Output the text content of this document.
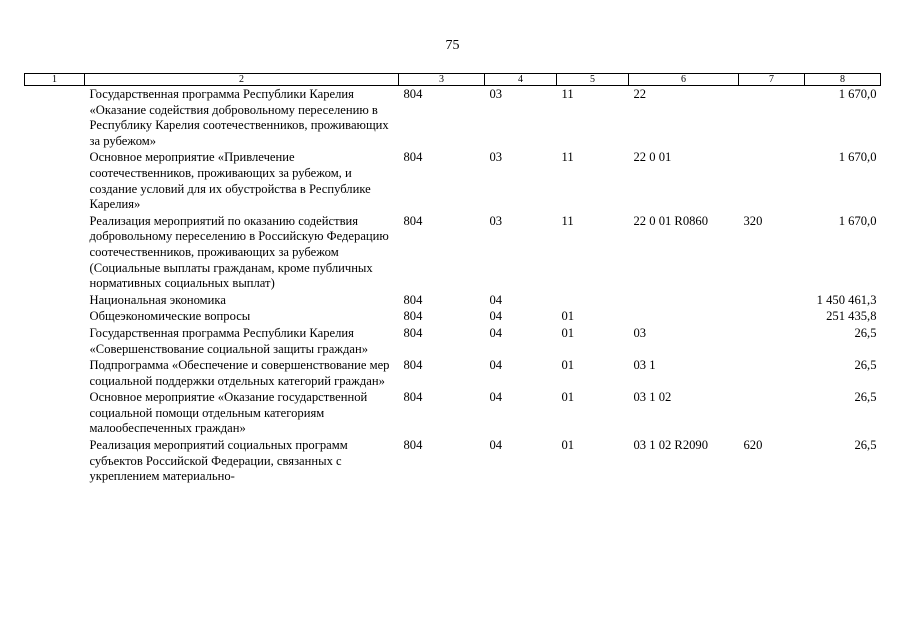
75
1	2	3	4	5	6	7	8
	Государственная программа Республики Карелия «Оказание содействия добровольному переселению в Республику Карелия соотечественников, проживающих за рубежом»	804	03	11	22		1 670,0
	Основное мероприятие «Привлечение соотечественников, проживающих за рубежом, и создание условий для их обустройства в Республике Карелия»	804	03	11	22 0 01		1 670,0
	Реализация мероприятий по оказанию содействия добровольному переселению в Российскую Федерацию соотечественников, проживающих за рубежом (Социальные выплаты гражданам, кроме публичных нормативных социальных выплат)	804	03	11	22 0 01 R0860	320	1 670,0
	Национальная экономика	804	04				1 450 461,3
	Общеэкономические вопросы	804	04	01			251 435,8
	Государственная программа Республики Карелия «Совершенствование социальной защиты граждан»	804	04	01	03		26,5
	Подпрограмма «Обеспечение и совершенствование мер социальной поддержки отдельных категорий граждан»	804	04	01	03 1		26,5
	Основное мероприятие «Оказание государственной социальной помощи отдельным категориям малообеспеченных граждан»	804	04	01	03 1 02		26,5
	Реализация мероприятий социальных программ субъектов Российской Федерации, связанных с укреплением материально-	804	04	01	03 1 02 R2090	620	26,5
